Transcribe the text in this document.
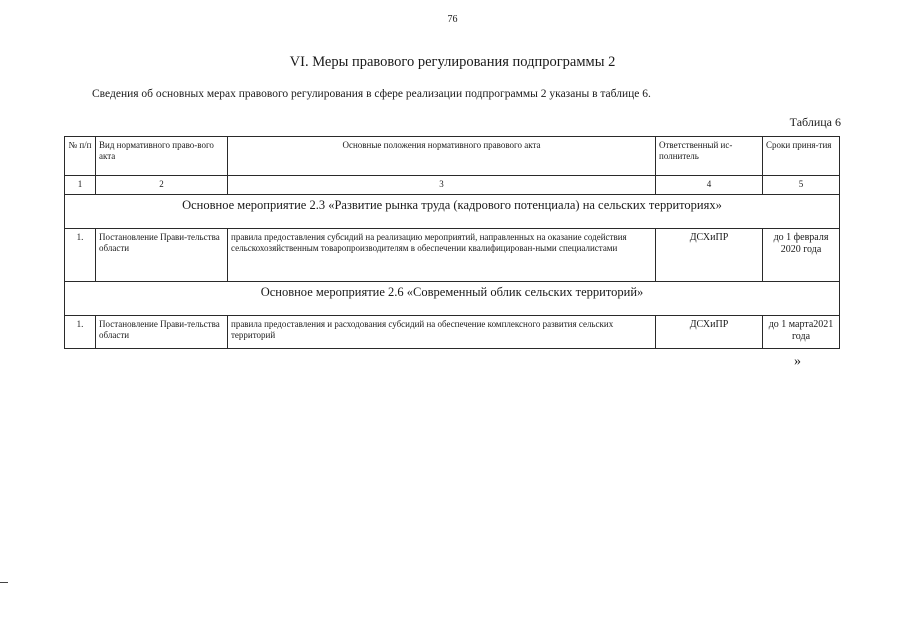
76
VI. Меры правового регулирования подпрограммы 2
Сведения об основных мерах правового регулирования в сфере реализации подпрограммы 2 указаны в таблице 6.
Таблица 6
№ п/п	Вид нормативного право-вого акта	Основные положения нормативного правового акта	Ответственный ис-полнитель	Сроки приня-тия
1	2	3	4	5
Основное мероприятие 2.3 «Развитие рынка труда (кадрового потенциала) на сельских территориях»				
1.	Постановление Прави-тельства области	правила предоставления субсидий на реализацию мероприятий, направленных на оказание содействия сельскохозяйственным товаропроизводителям в обеспечении квалифицирован-ными специалистами	ДСХиПР	до 1 февраля 2020 года
Основное мероприятие 2.6 «Современный облик сельских территорий»				
1.	Постановление Прави-тельства области	правила предоставления и расходования субсидий на обеспечение комплексного развития сельских территорий	ДСХиПР	до 1 марта2021 года
»
